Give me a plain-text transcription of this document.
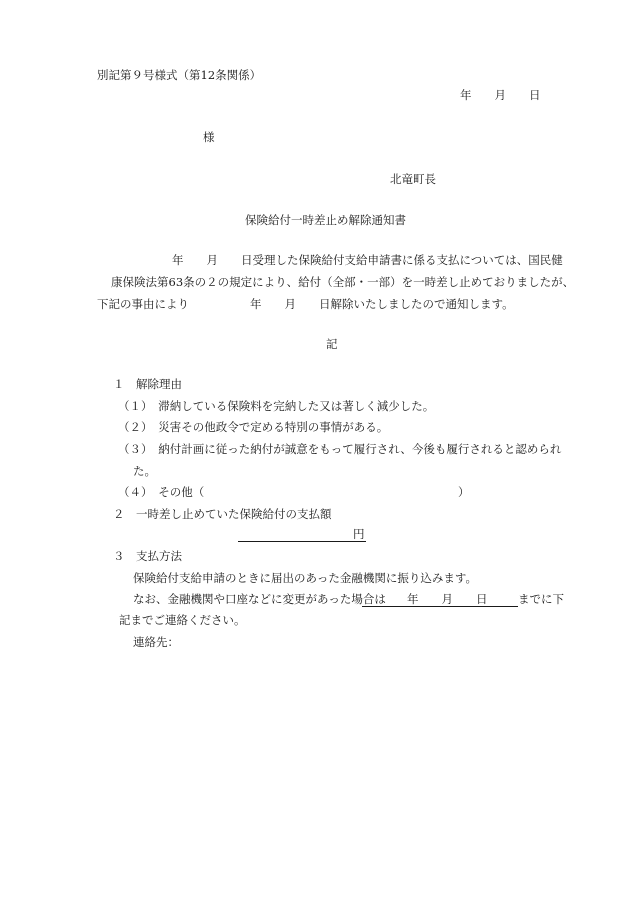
別記第９号様式（第12条関係）
年　　月　　日
様
北竜町長
保険給付一時差止め解除通知書
年　　月　　日受理した保険給付支給申請書に係る支払については、国民健
康保険法第63条の２の規定により、給付（全部・一部）を一時差し止めておりましたが、
下記の事由により	年　　月　　日解除いたしましたので通知します。
記
１　解除理由
（１）　滞納している保険料を完納した又は著しく減少した。
（２）　災害その他政令で定める特別の事情がある。
（３）　納付計画に従った納付が誠意をもって履行され、今後も履行されると認められ
た。
（４）　その他（	）
２　一時差し止めていた保険給付の支払額
円
３　支払方法
保険給付支給申請のときに届出のあった金融機関に振り込みます。
なお、金融機関や口座などに変更があった場合は 年　　月　　日	までに下
記までご連絡ください。
連絡先：
